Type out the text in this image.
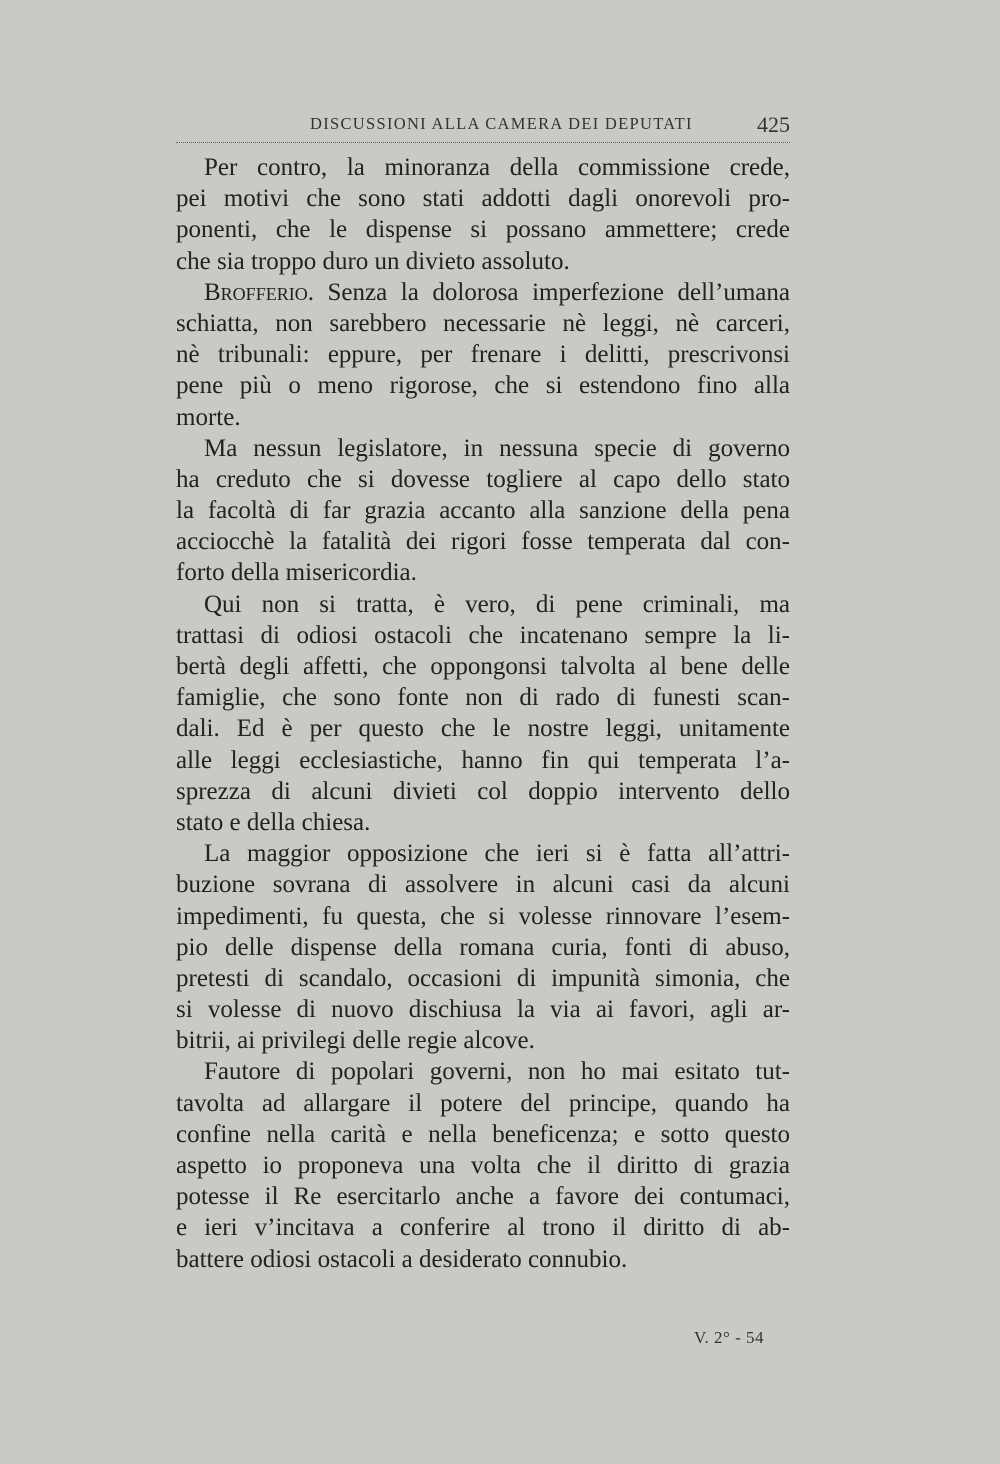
DISCUSSIONI ALLA CAMERA DEI DEPUTATI	425
Per contro, la minoranza della commissione crede,
pei motivi che sono stati addotti dagli onorevoli pro-
ponenti, che le dispense si possano ammettere; crede
che sia troppo duro un divieto assoluto.
Brofferio. Senza la dolorosa imperfezione dell’umana
schiatta, non sarebbero necessarie nè leggi, nè carceri,
nè tribunali: eppure, per frenare i delitti, prescrivonsi
pene più o meno rigorose, che si estendono fino alla
morte.
Ma nessun legislatore, in nessuna specie di governo
ha creduto che si dovesse togliere al capo dello stato
la facoltà di far grazia accanto alla sanzione della pena
acciocchè la fatalità dei rigori fosse temperata dal con-
forto della misericordia.
Qui non si tratta, è vero, di pene criminali, ma
trattasi di odiosi ostacoli che incatenano sempre la li-
bertà degli affetti, che oppongonsi talvolta al bene delle
famiglie, che sono fonte non di rado di funesti scan-
dali. Ed è per questo che le nostre leggi, unitamente
alle leggi ecclesiastiche, hanno fin qui temperata l’a-
sprezza di alcuni divieti col doppio intervento dello
stato e della chiesa.
La maggior opposizione che ieri si è fatta all’attri-
buzione sovrana di assolvere in alcuni casi da alcuni
impedimenti, fu questa, che si volesse rinnovare l’esem-
pio delle dispense della romana curia, fonti di abuso,
pretesti di scandalo, occasioni di impunità simonia, che
si volesse di nuovo dischiusa la via ai favori, agli ar-
bitrii, ai privilegi delle regie alcove.
Fautore di popolari governi, non ho mai esitato tut-
tavolta ad allargare il potere del principe, quando ha
confine nella carità e nella beneficenza; e sotto questo
aspetto io proponeva una volta che il diritto di grazia
potesse il Re esercitarlo anche a favore dei contumaci,
e ieri v’incitava a conferire al trono il diritto di ab-
battere odiosi ostacoli a desiderato connubio.
V. 2° - 54
